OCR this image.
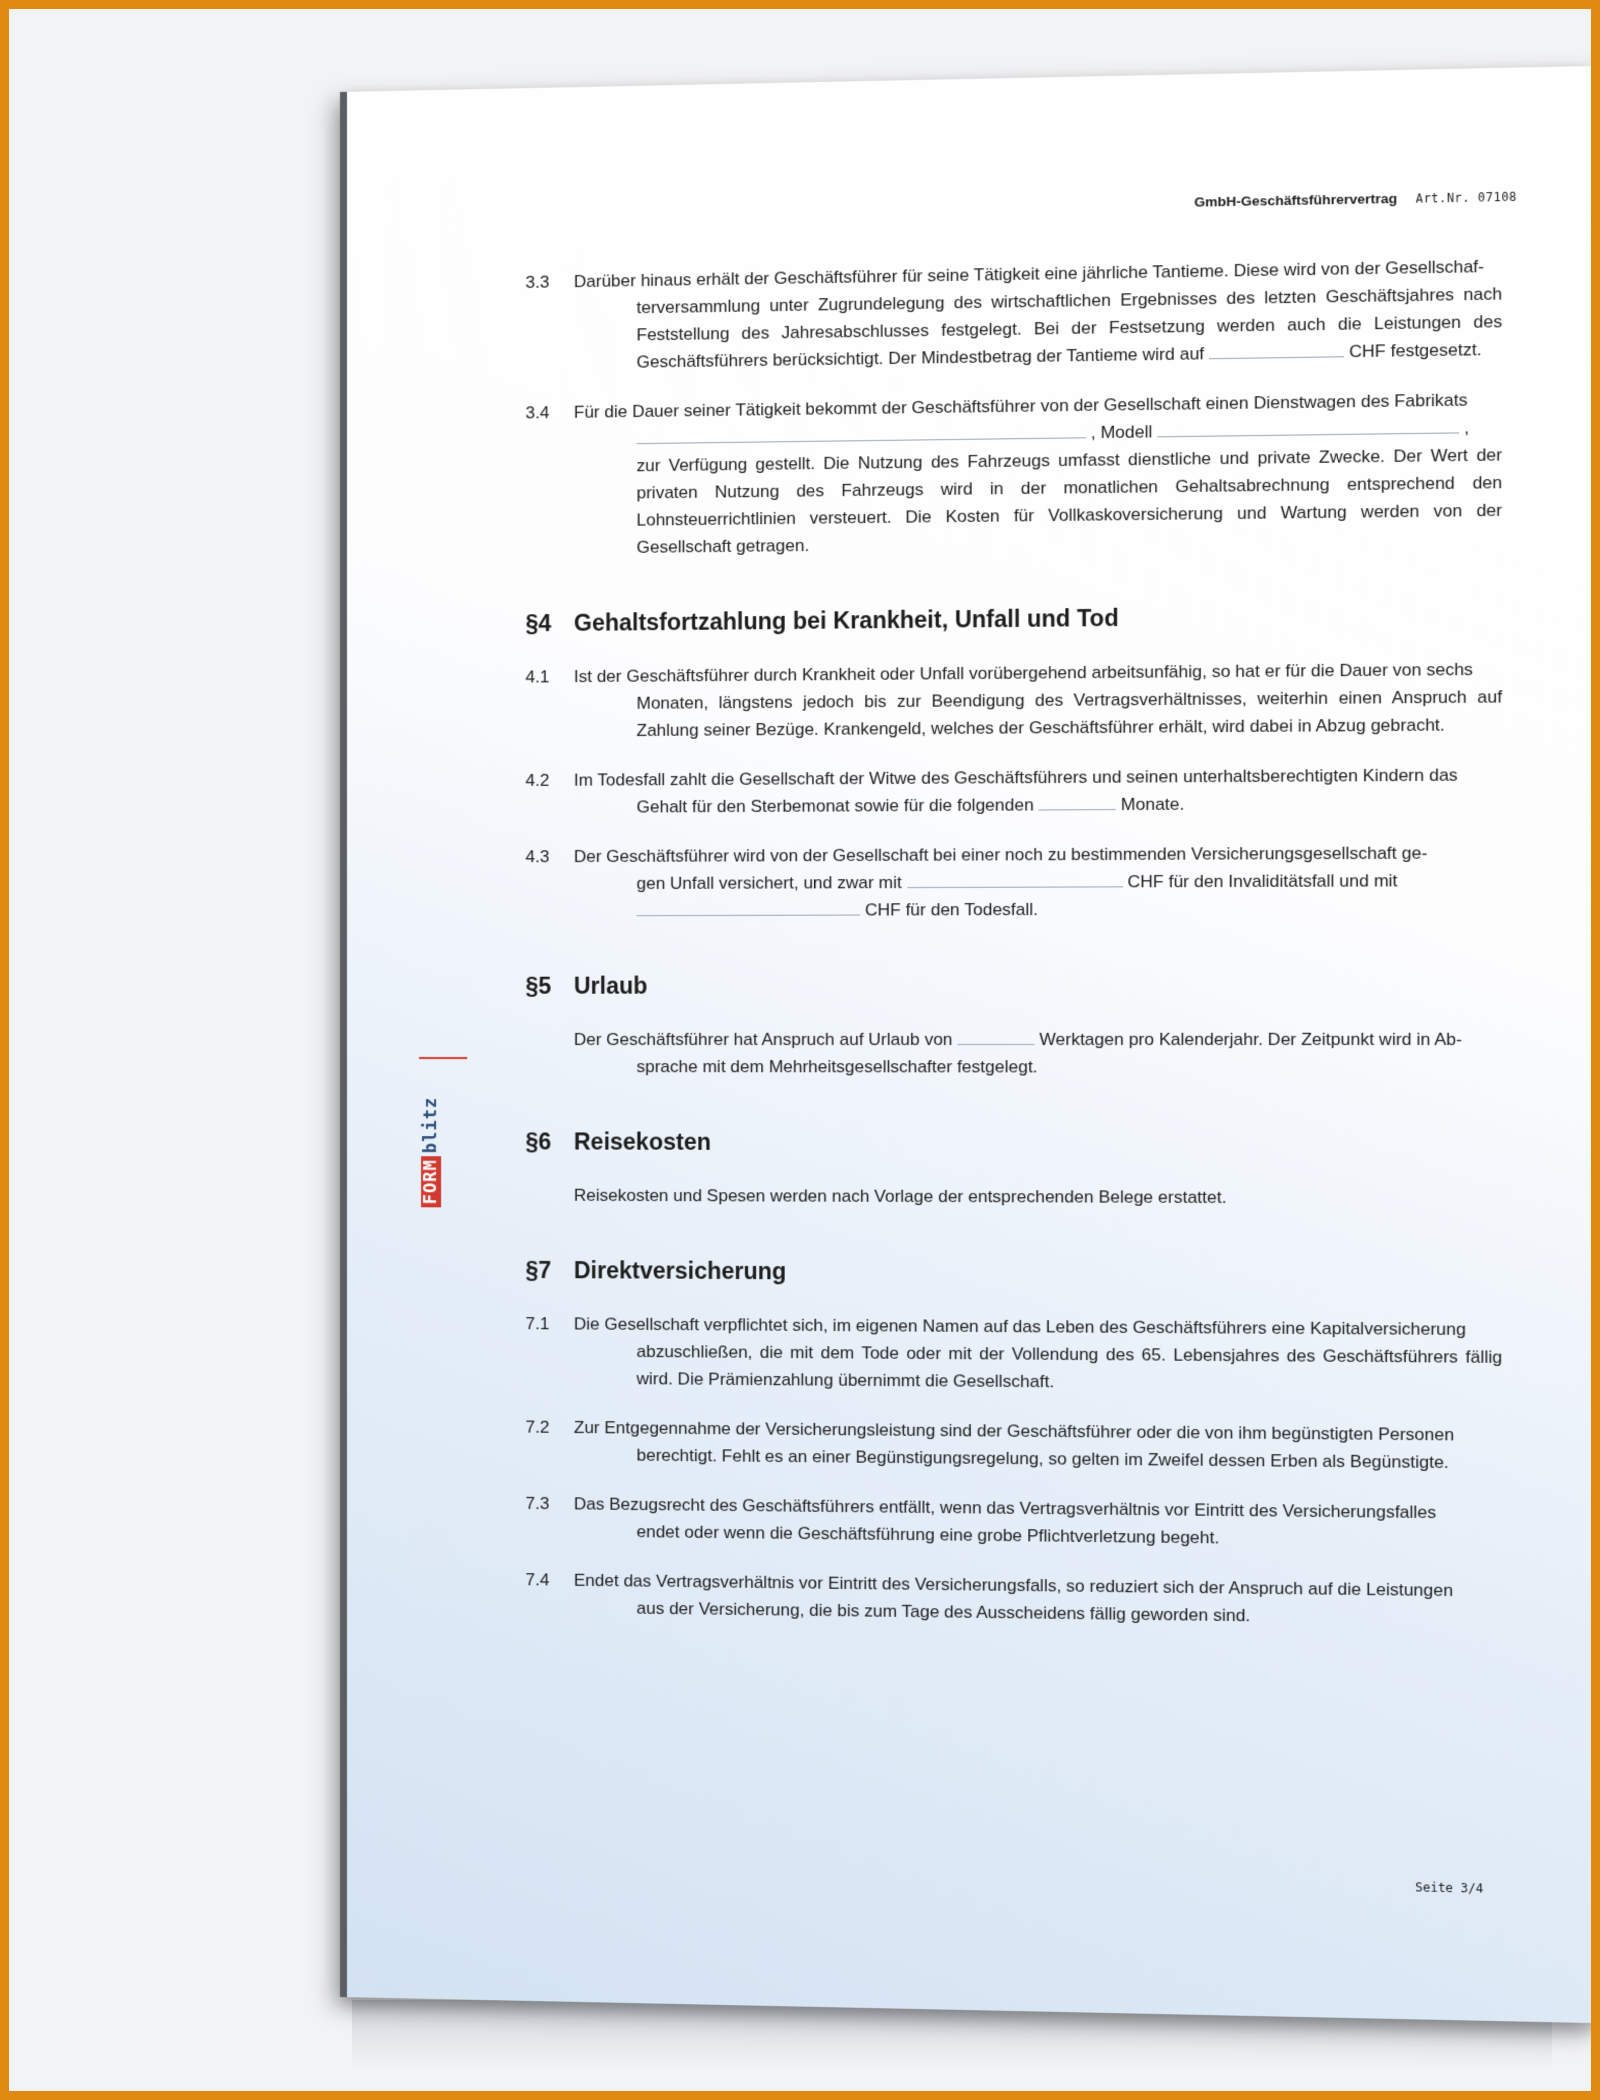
GmbH-Geschäftsführervertrag Art.Nr. 07108
FORM
blitz
3.3	Darüber hinaus erhält der Geschäftsführer für seine Tätigkeit eine jährliche Tantieme. Diese wird von der Gesellschaf-

terversammlung unter Zugrundelegung des wirtschaftlichen Ergebnisses des letzten Geschäftsjahres nach Feststellung des Jahresabschlusses festgelegt. Bei der Festsetzung werden auch die Leistungen des Geschäftsführers berücksichtigt. Der Mindestbetrag der Tantieme wird auf	CHF festgesetzt.

3.4	Für die Dauer seiner Tätigkeit bekommt der Geschäftsführer von der Gesellschaft einen Dienstwagen des Fabrikats

, Modell	,
zur Verfügung gestellt. Die Nutzung des Fahrzeugs umfasst dienstliche und private Zwecke. Der Wert der privaten Nutzung des Fahrzeugs wird in der monatlichen Gehaltsabrechnung entsprechend den Lohnsteuerrichtlinien versteuert. Die Kosten für Vollkaskoversicherung und Wartung werden von der Gesellschaft getragen.

§4 Gehaltsfortzahlung bei Krankheit, Unfall und Tod
4.1	Ist der Geschäftsführer durch Krankheit oder Unfall vorübergehend arbeitsunfähig, so hat er für die Dauer von sechs

Monaten, längstens jedoch bis zur Beendigung des Vertragsverhältnisses, weiterhin einen Anspruch auf Zahlung seiner Bezüge. Krankengeld, welches der Geschäftsführer erhält, wird dabei in Abzug gebracht.

4.2	Im Todesfall zahlt die Gesellschaft der Witwe des Geschäftsführers und seinen unterhaltsberechtigten Kindern das

Gehalt für den Sterbemonat sowie für die folgenden	Monate.

4.3	Der Geschäftsführer wird von der Gesellschaft bei einer noch zu bestimmenden Versicherungsgesellschaft ge-

gen Unfall versichert, und zwar mit	CHF für den Invaliditätsfall und mit
CHF für den Todesfall.

§5 Urlaub

Der Geschäftsführer hat Anspruch auf Urlaub von	Werktagen pro Kalenderjahr. Der Zeitpunkt wird in Ab-

sprache mit dem Mehrheitsgesellschafter festgelegt.

§6 Reisekosten

Reisekosten und Spesen werden nach Vorlage der entsprechenden Belege erstattet.

§7 Direktversicherung
7.1	Die Gesellschaft verpflichtet sich, im eigenen Namen auf das Leben des Geschäftsführers eine Kapitalversicherung

abzuschließen, die mit dem Tode oder mit der Vollendung des 65. Lebensjahres des Geschäftsführers fällig wird. Die Prämienzahlung übernimmt die Gesellschaft.

7.2	Zur Entgegennahme der Versicherungsleistung sind der Geschäftsführer oder die von ihm begünstigten Personen

berechtigt. Fehlt es an einer Begünstigungsregelung, so gelten im Zweifel dessen Erben als Begünstigte.

7.3	Das Bezugsrecht des Geschäftsführers entfällt, wenn das Vertragsverhältnis vor Eintritt des Versicherungsfalles

endet oder wenn die Geschäftsführung eine grobe Pflichtverletzung begeht.

7.4	Endet das Vertragsverhältnis vor Eintritt des Versicherungsfalls, so reduziert sich der Anspruch auf die Leistungen

aus der Versicherung, die bis zum Tage des Ausscheidens fällig geworden sind.

Seite 3/4
